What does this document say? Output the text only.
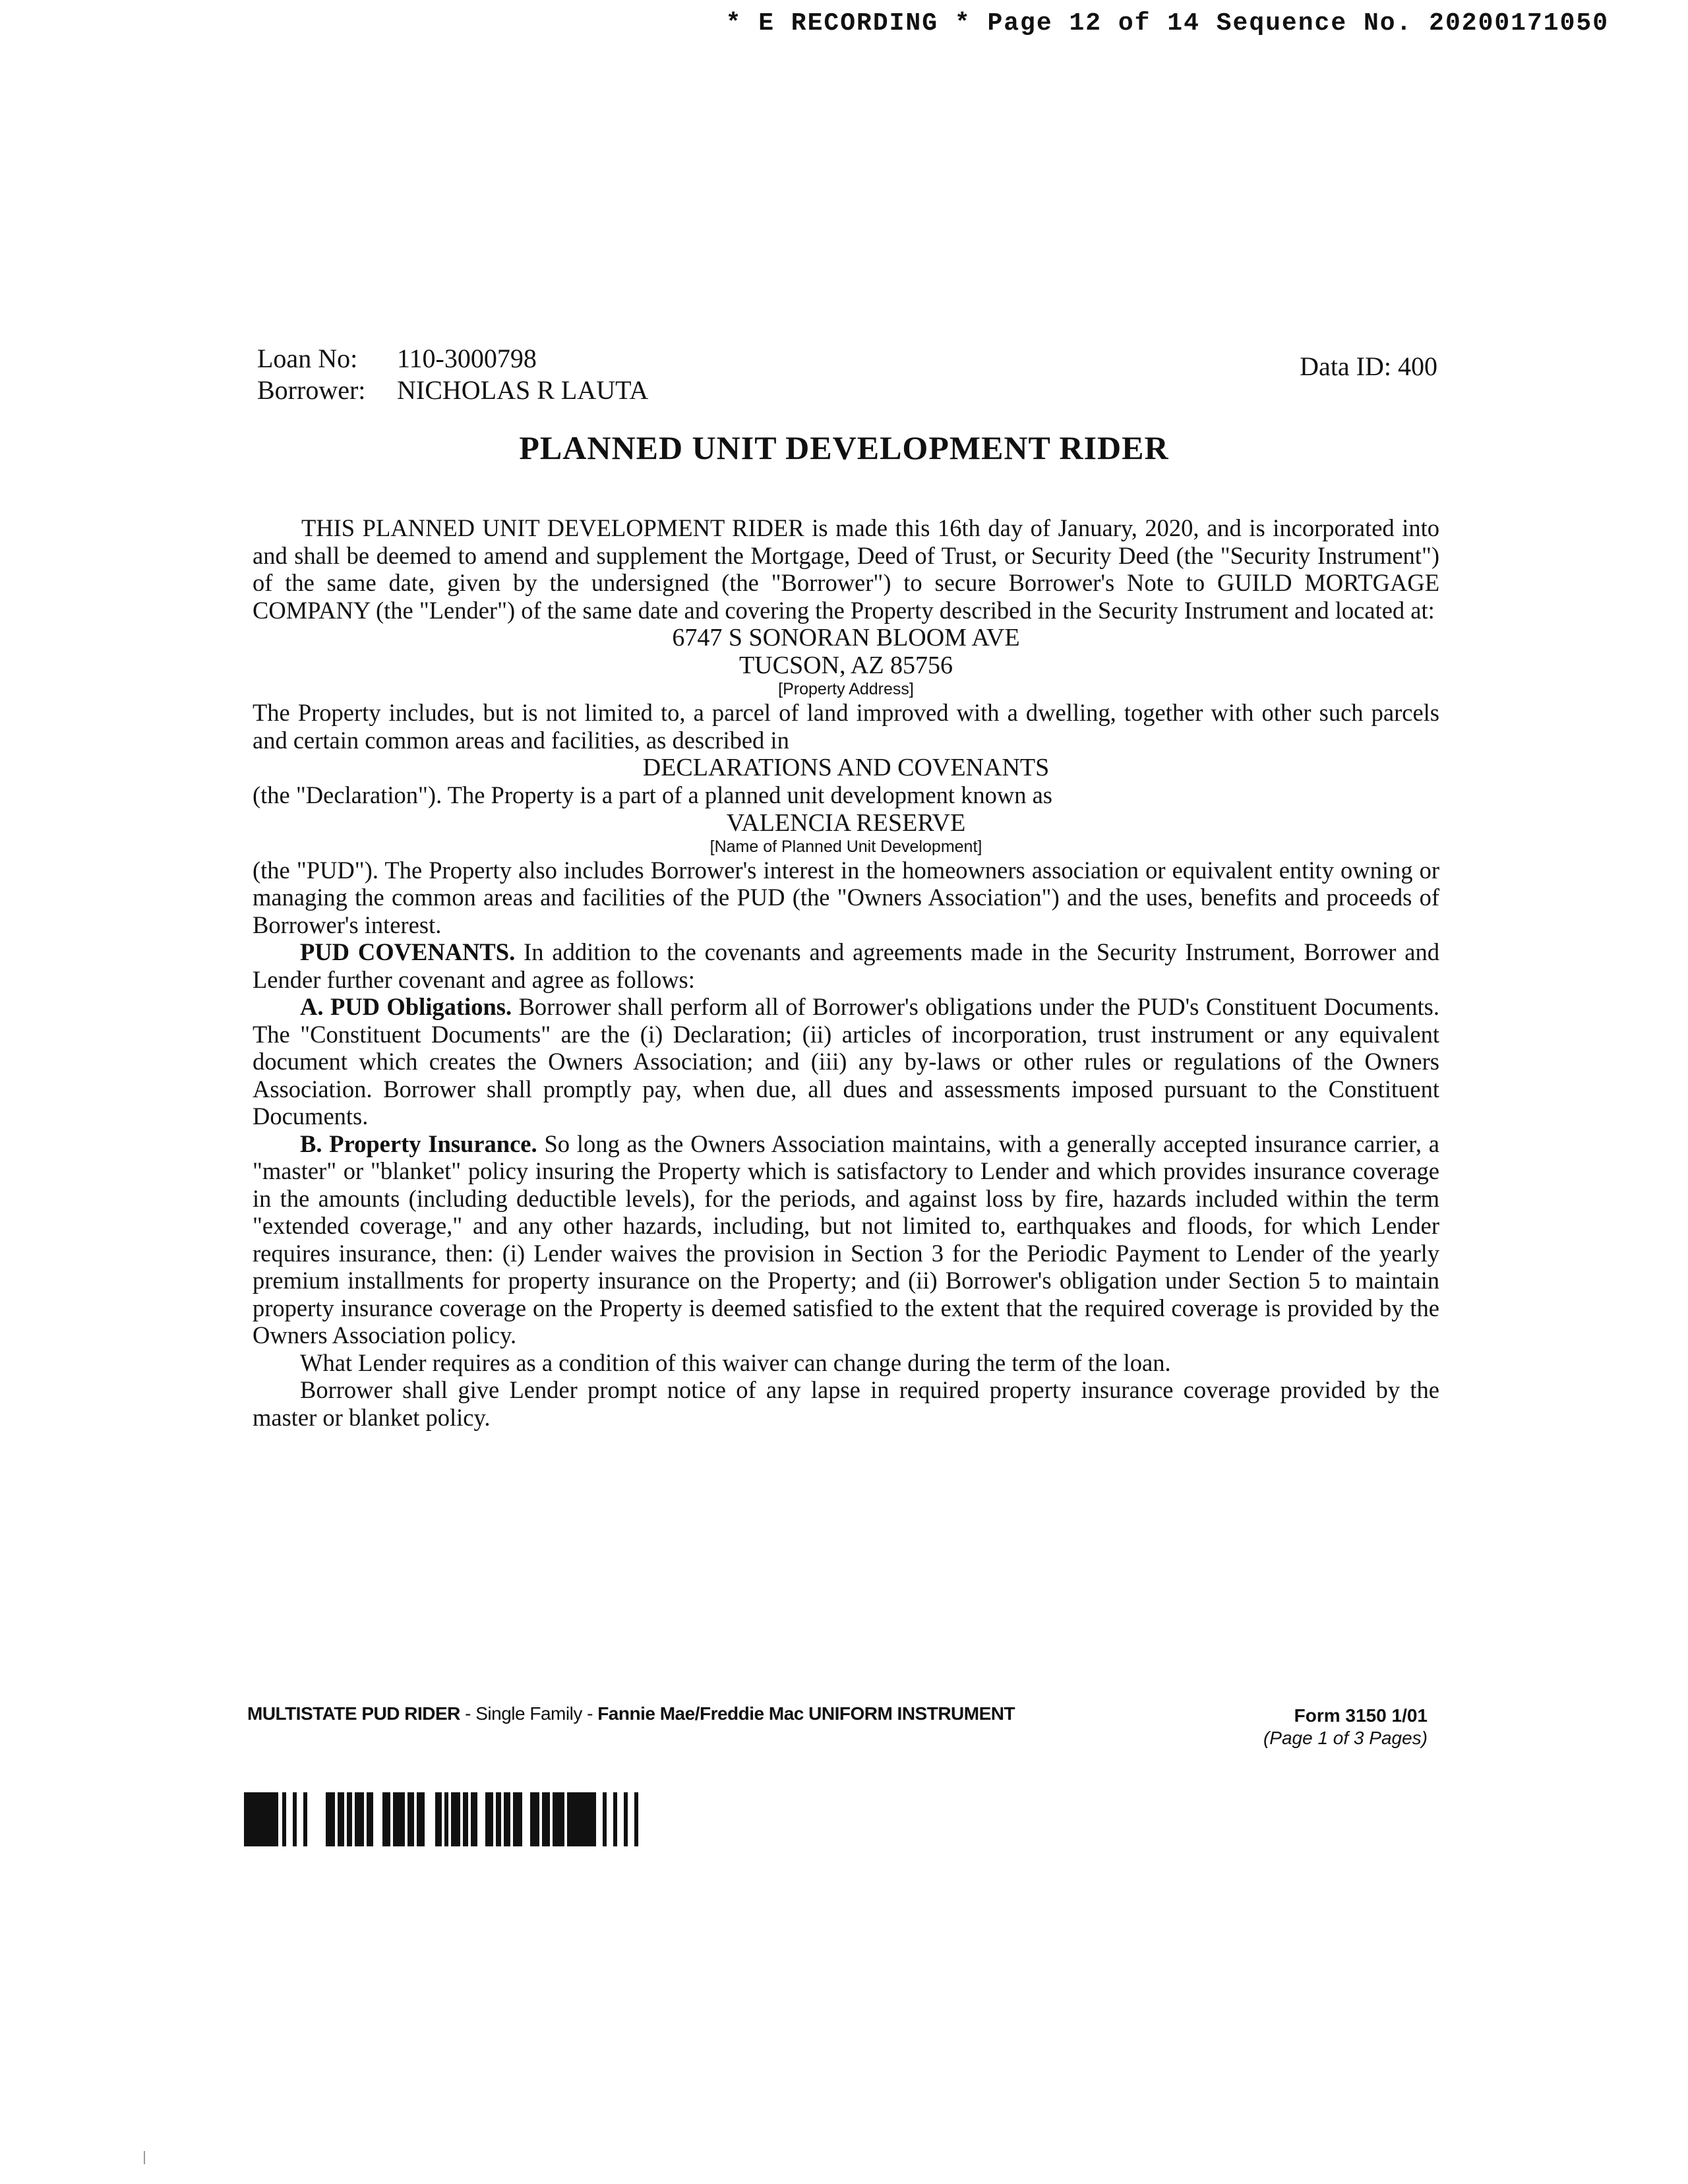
* E RECORDING * Page 12 of 14 Sequence No. 20200171050
Loan No: 110-3000798
Borrower: NICHOLAS R LAUTA
Data ID: 400
PLANNED UNIT DEVELOPMENT RIDER

THIS PLANNED UNIT DEVELOPMENT RIDER is made this 16th day of January, 2020, and is incorporated into and shall be deemed to amend and supplement the Mortgage, Deed of Trust, or Security Deed (the "Security Instrument") of the same date, given by the undersigned (the "Borrower") to secure Borrower's Note to GUILD MORTGAGE COMPANY (the "Lender") of the same date and covering the Property described in the Security Instrument and located at:

6747 S SONORAN BLOOM AVE

TUCSON, AZ 85756

[Property Address]

The Property includes, but is not limited to, a parcel of land improved with a dwelling, together with other such parcels and certain common areas and facilities, as described in

DECLARATIONS AND COVENANTS

(the "Declaration"). The Property is a part of a planned unit development known as

VALENCIA RESERVE

[Name of Planned Unit Development]

(the "PUD"). The Property also includes Borrower's interest in the homeowners association or equivalent entity owning or managing the common areas and facilities of the PUD (the "Owners Association") and the uses, benefits and proceeds of Borrower's interest.

PUD COVENANTS. In addition to the covenants and agreements made in the Security Instrument, Borrower and Lender further covenant and agree as follows:

A. PUD Obligations. Borrower shall perform all of Borrower's obligations under the PUD's Constituent Documents. The "Constituent Documents" are the (i) Declaration; (ii) articles of incorporation, trust instrument or any equivalent document which creates the Owners Association; and (iii) any by-laws or other rules or regulations of the Owners Association. Borrower shall promptly pay, when due, all dues and assessments imposed pursuant to the Constituent Documents.

B. Property Insurance. So long as the Owners Association maintains, with a generally accepted insurance carrier, a "master" or "blanket" policy insuring the Property which is satisfactory to Lender and which provides insurance coverage in the amounts (including deductible levels), for the periods, and against loss by fire, hazards included within the term "extended coverage," and any other hazards, including, but not limited to, earthquakes and floods, for which Lender requires insurance, then: (i) Lender waives the provision in Section 3 for the Periodic Payment to Lender of the yearly premium installments for property insurance on the Property; and (ii) Borrower's obligation under Section 5 to maintain property insurance coverage on the Property is deemed satisfied to the extent that the required coverage is provided by the Owners Association policy.

What Lender requires as a condition of this waiver can change during the term of the loan.

Borrower shall give Lender prompt notice of any lapse in required property insurance coverage provided by the master or blanket policy.

MULTISTATE PUD RIDER - Single Family - Fannie Mae/Freddie Mac UNIFORM INSTRUMENT	Form 3150 1/01
(Page 1 of 3 Pages)
